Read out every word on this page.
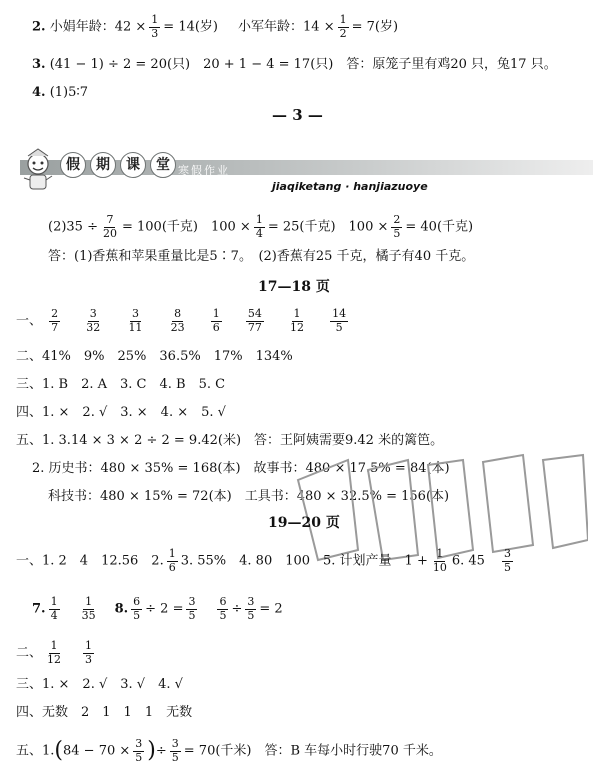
2. 小娟年龄：$42 \times \frac{1}{3} = 14$(岁) 小军年龄：$14 \times \frac{1}{2} = 7$(岁)
3. (41 − 1) ÷ 2 = 20(只)　20 + 1 − 4 = 17(只)　答：原笼子里有鸡20 只，兔17 只。
4. (1)5∶7
— 3 —
假	期	课	堂 寒假作业
jiaqiketang · hanjiazuoye
$(2)35 \div \frac{7}{20} = 100$(千克)　$100 \times \frac{1}{4} = 25$(千克)　$100 \times \frac{2}{5} = 40$(千克)
答：(1)香蕉和苹果重量比是5∶7。　(2)香蕉有25 千克，橘子有40 千克。
17—18 页
一、 $\frac{2}{7}$
$\frac{3}{32}$
$\frac{3}{11}$
$\frac{8}{23}$
$\frac{1}{6}$
$\frac{54}{77}$
$\frac{1}{12}$
$\frac{14}{5}$
二、41%　9%　25%　36.5%　17%　134%
三、1. B　2. A　3. C　4. B　5. C
四、1. ×　2. √　3. ×　4. ×　5. √
五、1. 3.14 × 3 × 2 ÷ 2 = 9.42(米)　答：王阿姨需要9.42 米的篱笆。
2. 历史书：480 × 35% = 168(本)　故事书：480 × 17.5% = 84(本)
科技书：480 × 15% = 72(本)　工具书：480 × 32.5% = 156(本)
19—20 页
一、1. 2　4　12.56　2. $\frac{1}{6} 3$. 55%　4. 80　100　5. 计划产量　$1 + \frac{1}{10} 6$. $45 \frac{3}{5}$
7. $\frac{1}{4} \frac{1}{35} 8$. $\frac{6}{5} \div 2 = \frac{3}{5} \frac{6}{5} \div \frac{3}{5} = 2$
二、 $\frac{1}{12} \frac{1}{3}$
三、1. ×　2. √　3. √　4. √
四、无数　2　1　1　1　无数
五、$1.(84 - 70 \times \frac{3}{5}$ )÷ $\frac{3}{5} = 70$(千米)　答：B 车每小时行驶70 千米。
